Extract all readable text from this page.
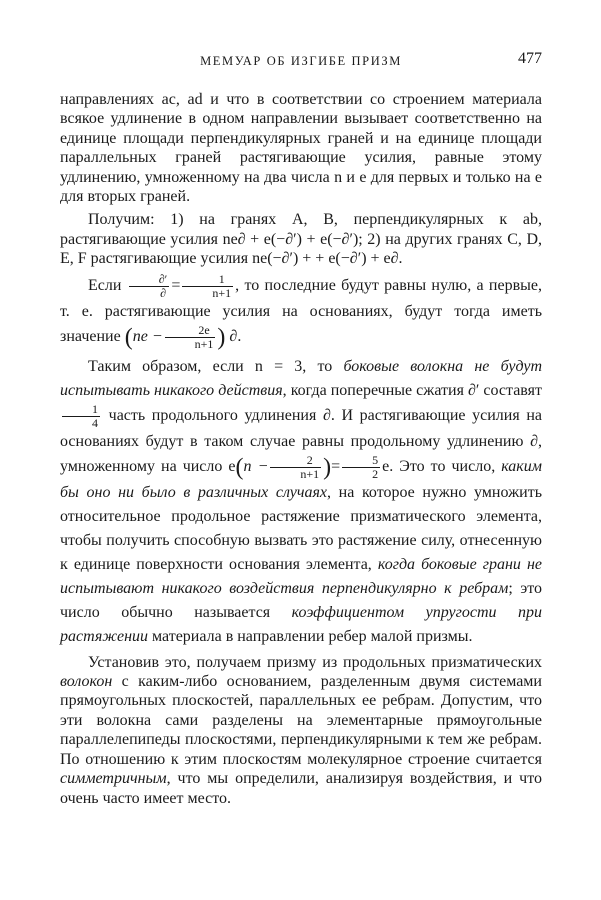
МЕМУАР ОБ ИЗГИБЕ ПРИЗМ	477

направлениях ac, ad и что в соответствии со строением материала всякое удлинение в одном направлении вызывает соответственно на единице площади перпендикулярных граней и на единице площади параллельных граней растягивающие усилия, равные этому удлинению, умноженному на два числа n и e для первых и только на e для вторых граней.

Получим: 1) на гранях A, B, перпендикулярных к ab, растягивающие усилия ne∂ + e(−∂′) + e(−∂′); 2) на других гранях C, D, E, F растягивающие усилия ne(−∂′) + + e(−∂′) + e∂.

Если $\frac{\partial'}{\partial} = \frac{1}{n+1}$ , то последние будут равны нулю, а первые, т. е. растягивающие усилия на основаниях, будут тогда иметь значение ($ne - \frac{2e}{n+1}$ ) ∂.

Таким образом, если n = 3, то боковые волокна не будут испытывать никакого действия, когда поперечные сжатия ∂′ составят
$\frac{1}{4}$ часть продольного удлинения ∂. И растягивающие усилия на основаниях будут в таком случае равны продольному удлинению ∂, умноженному на число $e(n - \frac{2}{n+1}$ )= $\frac{5}{2} e$. Это то число, каким бы оно ни было в различных случаях, на которое нужно умножить относительное продольное растяжение призматического элемента, чтобы получить способную вызвать это растяжение силу, отнесенную к единице поверхности основания элемента, когда боковые грани не испытывают никакого воздействия перпендикулярно к ребрам; это число обычно называется коэффициентом упругости при растяжении материала в направлении ребер малой призмы.

Установив это, получаем призму из продольных призматических волокон с каким-либо основанием, разделенным двумя системами прямоугольных плоскостей, параллельных ее ребрам. Допустим, что эти волокна сами разделены на элементарные прямоугольные параллелепипеды плоскостями, перпендикулярными к тем же ребрам. По отношению к этим плоскостям молекулярное строение считается симметричным, что мы определили, анализируя воздействия, и что очень часто имеет место.
